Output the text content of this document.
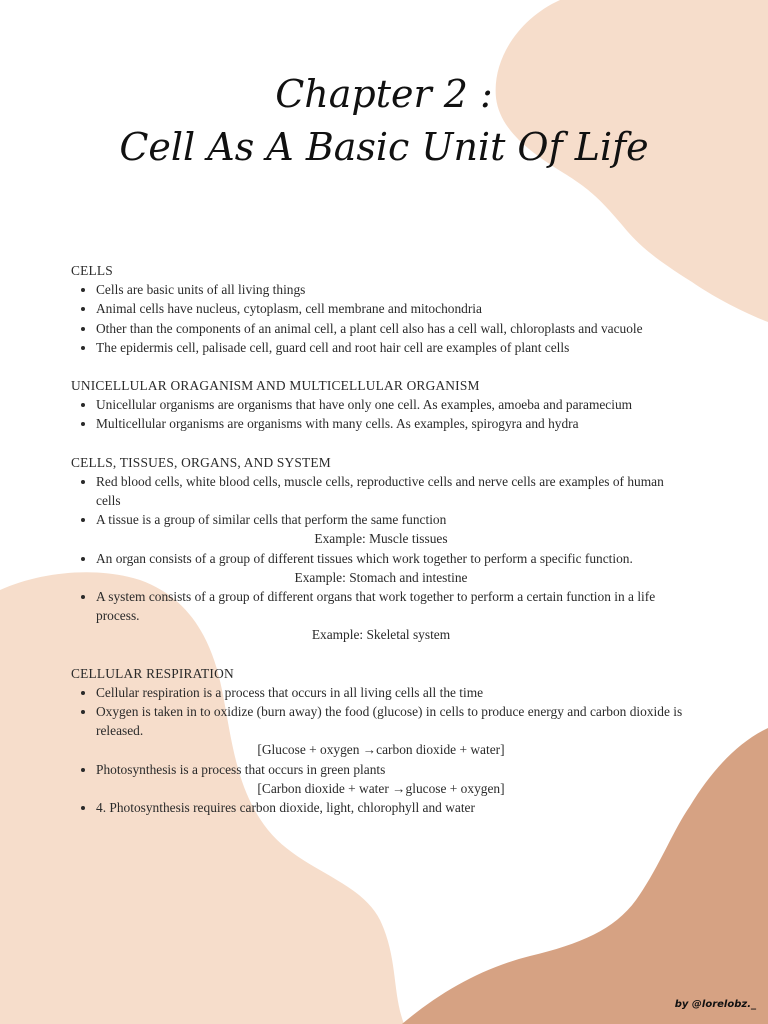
Chapter 2 :
Cell As A Basic Unit Of Life
CELLS
• Cells are basic units of all living things
• Animal cells have nucleus, cytoplasm, cell membrane and mitochondria
• Other than the components of an animal cell, a plant cell also has a cell wall, chloroplasts and vacuole
• The epidermis cell, palisade cell, guard cell and root hair cell are examples of plant cells
UNICELLULAR ORAGANISM AND MULTICELLULAR ORGANISM
• Unicellular organisms are organisms that have only one cell. As examples, amoeba and paramecium
• Multicellular organisms are organisms with many cells. As examples, spirogyra and hydra
CELLS, TISSUES, ORGANS, AND SYSTEM
• Red blood cells, white blood cells, muscle cells, reproductive cells and nerve cells are examples of human cells
• A tissue is a group of similar cells that perform the same function
Example: Muscle tissues
• An organ consists of a group of different tissues which work together to perform a specific function.
Example: Stomach and intestine
• A system consists of a group of different organs that work together to perform a certain function in a life process.
Example: Skeletal system
CELLULAR RESPIRATION
• Cellular respiration is a process that occurs in all living cells all the time
• Oxygen is taken in to oxidize (burn away) the food (glucose) in cells to produce energy and carbon dioxide is released.
[Glucose + oxygen →carbon dioxide + water]
• Photosynthesis is a process that occurs in green plants
[Carbon dioxide + water →glucose + oxygen]
• 4. Photosynthesis requires carbon dioxide, light, chlorophyll and water
by @lorelobz._
